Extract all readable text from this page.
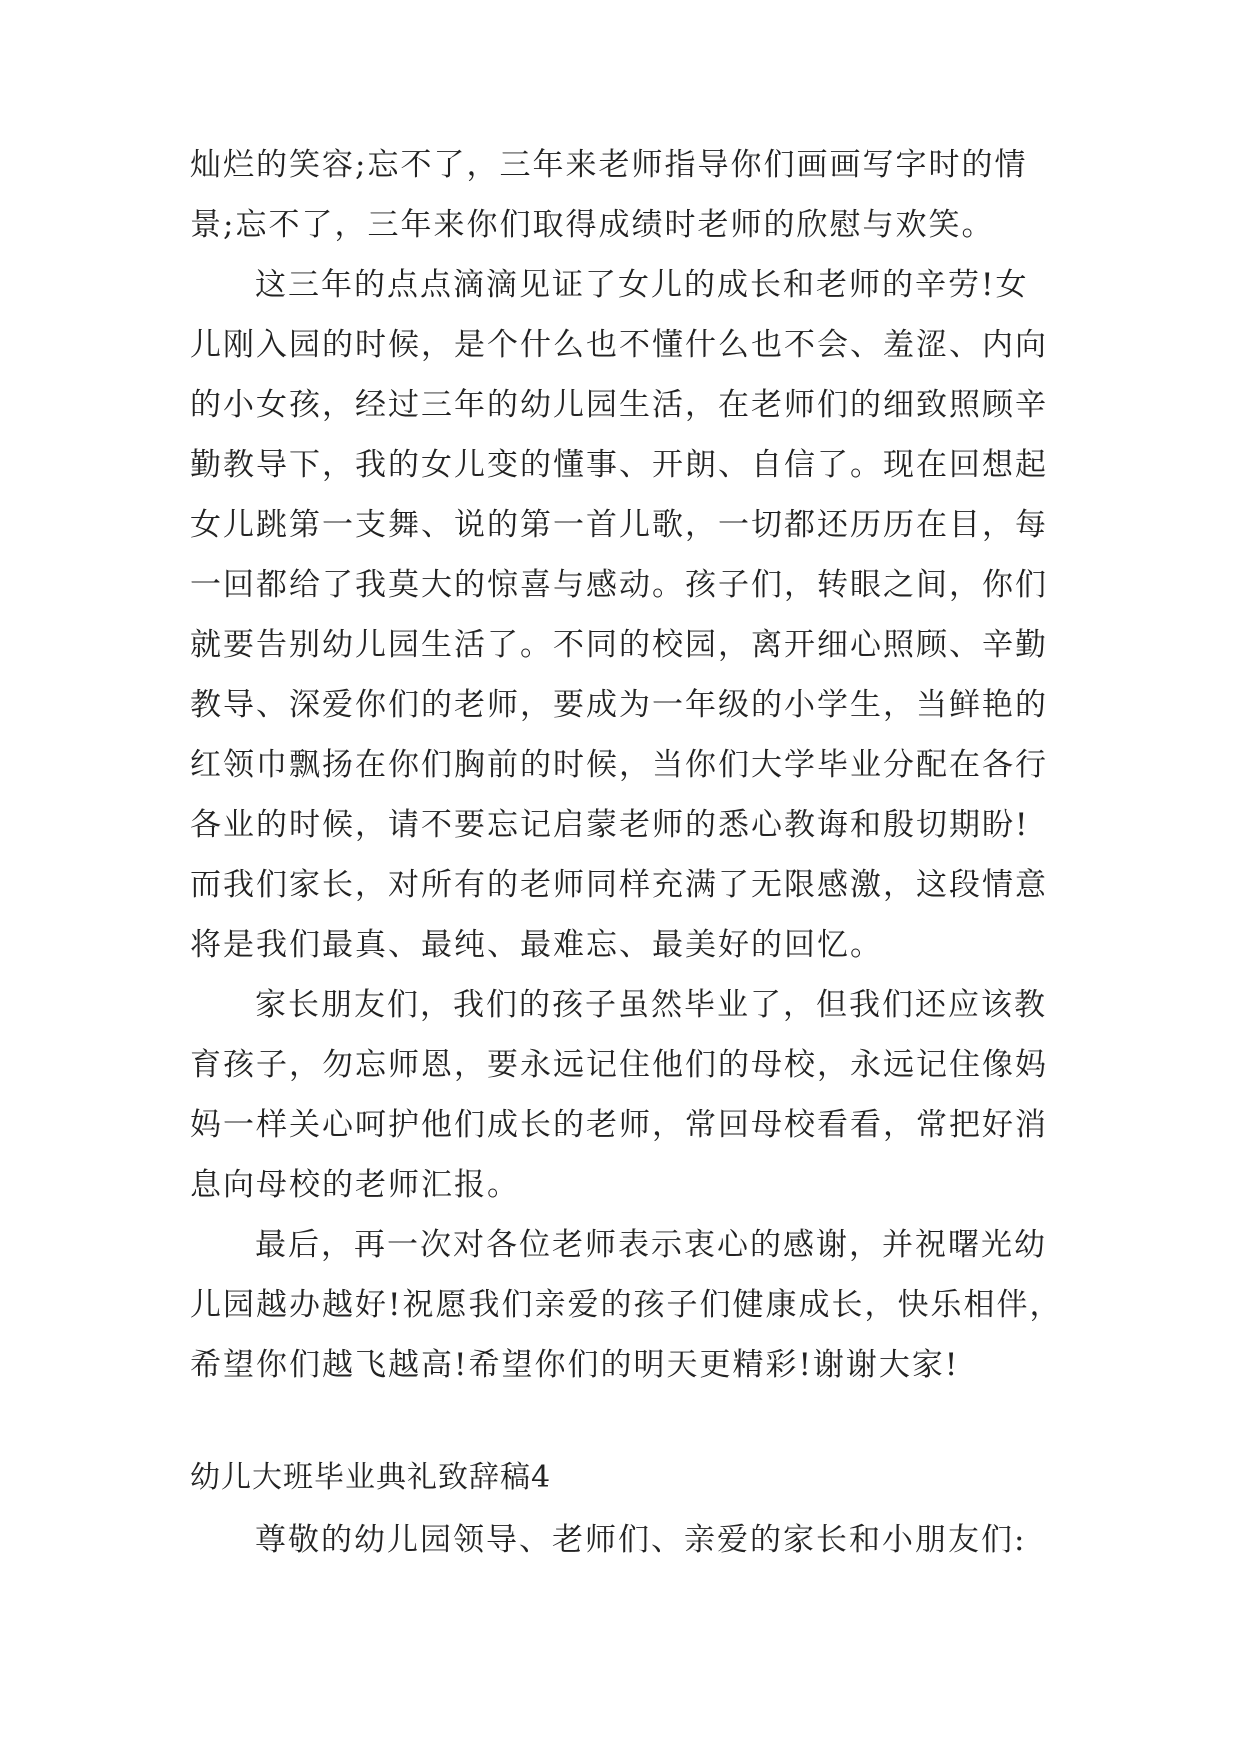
灿烂的笑容;忘不了，三年来老师指导你们画画写字时的情
景;忘不了，三年来你们取得成绩时老师的欣慰与欢笑。
这三年的点点滴滴见证了女儿的成长和老师的辛劳!女
儿刚入园的时候，是个什么也不懂什么也不会、羞涩、内向
的小女孩，经过三年的幼儿园生活，在老师们的细致照顾辛
勤教导下，我的女儿变的懂事、开朗、自信了。现在回想起
女儿跳第一支舞、说的第一首儿歌，一切都还历历在目，每
一回都给了我莫大的惊喜与感动。孩子们，转眼之间，你们
就要告别幼儿园生活了。不同的校园，离开细心照顾、辛勤
教导、深爱你们的老师，要成为一年级的小学生，当鲜艳的
红领巾飘扬在你们胸前的时候，当你们大学毕业分配在各行
各业的时候，请不要忘记启蒙老师的悉心教诲和殷切期盼!
而我们家长，对所有的老师同样充满了无限感激，这段情意
将是我们最真、最纯、最难忘、最美好的回忆。
家长朋友们，我们的孩子虽然毕业了，但我们还应该教
育孩子，勿忘师恩，要永远记住他们的母校，永远记住像妈
妈一样关心呵护他们成长的老师，常回母校看看，常把好消
息向母校的老师汇报。
最后，再一次对各位老师表示衷心的感谢，并祝曙光幼
儿园越办越好!祝愿我们亲爱的孩子们健康成长，快乐相伴，
希望你们越飞越高!希望你们的明天更精彩!谢谢大家!
幼儿大班毕业典礼致辞稿4
尊敬的幼儿园领导、老师们、亲爱的家长和小朋友们:
